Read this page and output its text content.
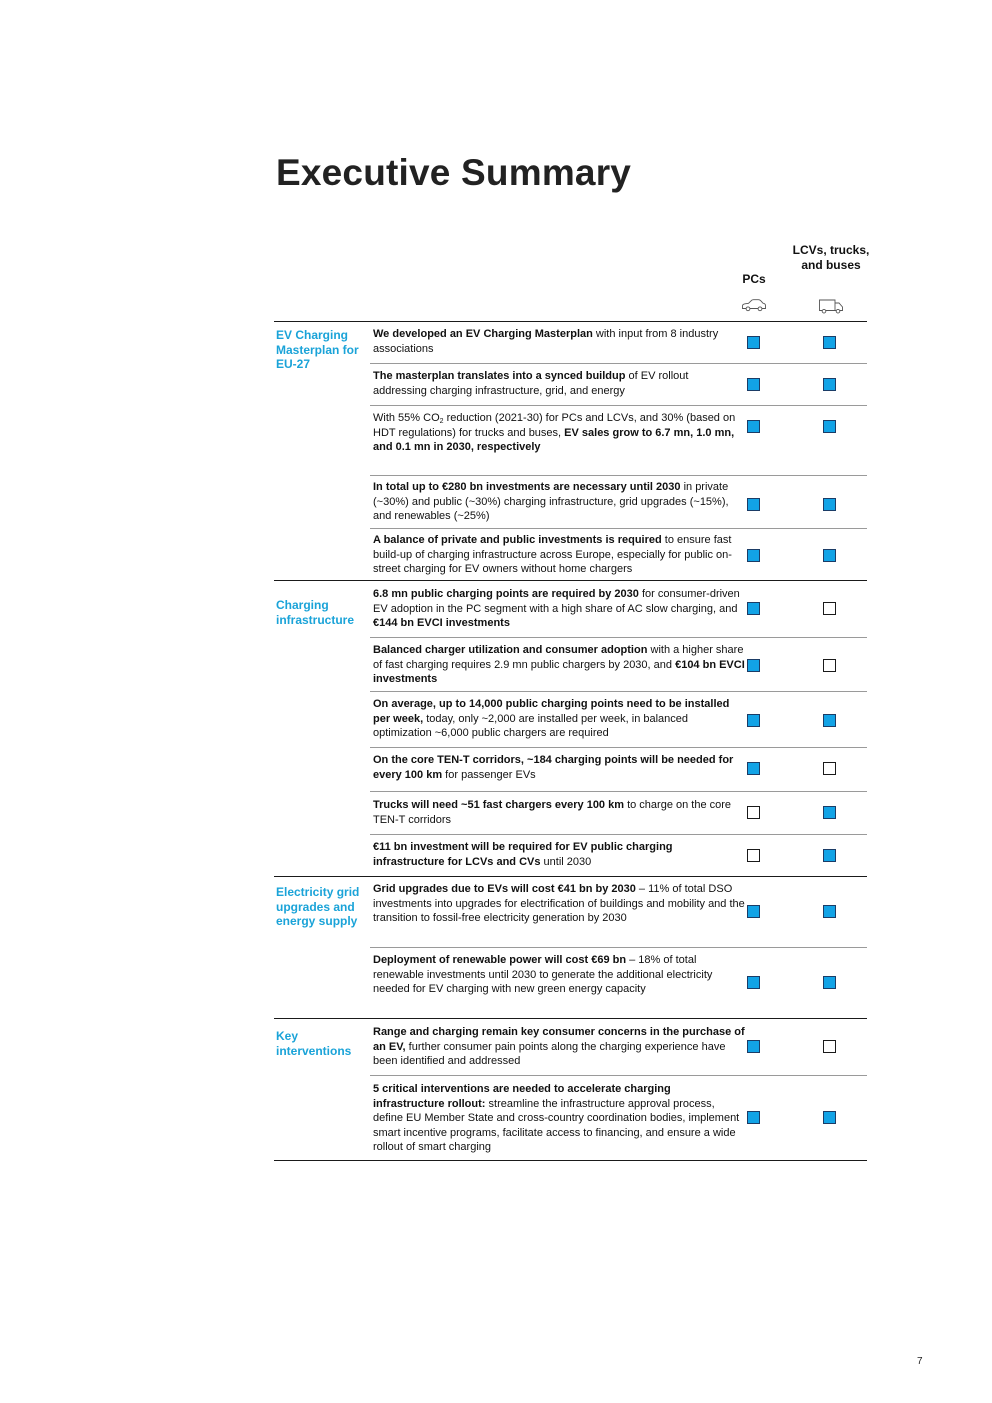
Executive Summary
PCs
LCVs, trucks, and buses
EV Charging Masterplan for EU-27
We developed an EV Charging Masterplan with input from 8 industry associations
The masterplan translates into a synced buildup of EV rollout addressing charging infrastructure, grid, and energy
With 55% $CO_2$ reduction (2021-30) for PCs and LCVs, and 30% (based on HDT regulations) for trucks and buses, EV sales grow to 6.7 mn, 1.0 mn, and 0.1 mn in 2030, respectively
In total up to €280 bn investments are necessary until 2030 in private (~30%) and public (~30%) charging infrastructure, grid upgrades (~15%), and renewables (~25%)
A balance of private and public investments is required to ensure fast build-up of charging infrastructure across Europe, especially for public on-street charging for EV owners without home chargers
Charging infrastructure
6.8 mn public charging points are required by 2030 for consumer-driven EV adoption in the PC segment with a high share of AC slow charging, and €144 bn EVCI investments
Balanced charger utilization and consumer adoption with a higher share of fast charging requires 2.9 mn public chargers by 2030, and €104 bn EVCI investments
On average, up to 14,000 public charging points need to be installed per week, today, only ~2,000 are installed per week, in balanced optimization ~6,000 public chargers are required
On the core TEN-T corridors, ~184 charging points will be needed for every 100 km for passenger EVs
Trucks will need ~51 fast chargers every 100 km to charge on the core TEN-T corridors
€11 bn investment will be required for EV public charging infrastructure for LCVs and CVs until 2030
Electricity grid upgrades and energy supply
Grid upgrades due to EVs will cost €41 bn by 2030 – 11% of total DSO investments into upgrades for electrification of buildings and mobility and the transition to fossil-free electricity generation by 2030
Deployment of renewable power will cost €69 bn – 18% of total renewable investments until 2030 to generate the additional electricity needed for EV charging with new green energy capacity
Key interventions
Range and charging remain key consumer concerns in the purchase of an EV, further consumer pain points along the charging experience have been identified and addressed
5 critical interventions are needed to accelerate charging infrastructure rollout: streamline the infrastructure approval process, define EU Member State and cross-country coordination bodies, implement smart incentive programs, facilitate access to financing, and ensure a wide rollout of smart charging
7
